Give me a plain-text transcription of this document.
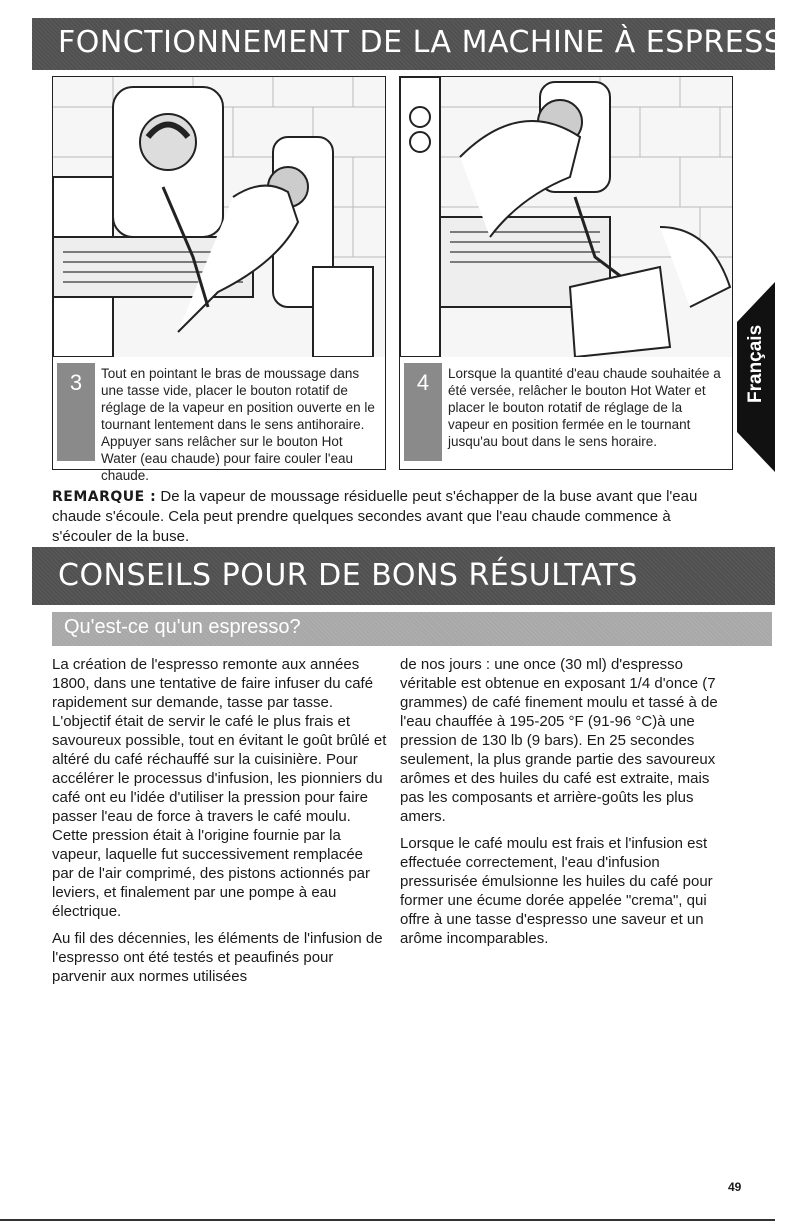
FONCTIONNEMENT DE LA MACHINE À ESPRESSO
3	Tout en pointant le bras de moussage dans une tasse vide, placer le bouton rotatif de réglage de la vapeur en position ouverte en le tournant lentement dans le sens antihoraire. Appuyer sans relâcher sur le bouton Hot Water (eau chaude) pour faire couler l'eau chaude.
4	Lorsque la quantité d'eau chaude souhaitée a été versée, relâcher le bouton Hot Water et placer le bouton rotatif de réglage de la vapeur en position fermée en le tournant jusqu'au bout dans le sens horaire.
REMARQUE : De la vapeur de moussage résiduelle peut s'échapper de la buse avant que l'eau chaude s'écoule. Cela peut prendre quelques secondes avant que l'eau chaude commence à s'écouler de la buse.
CONSEILS POUR DE BONS RÉSULTATS
Qu'est-ce qu'un espresso?

La création de l'espresso remonte aux années 1800, dans une tentative de faire infuser du café rapidement sur demande, tasse par tasse. L'objectif était de servir le café le plus frais et savoureux possible, tout en évitant le goût brûlé et altéré du café réchauffé sur la cuisinière. Pour accélérer le processus d'infusion, les pionniers du café ont eu l'idée d'utiliser la pression pour faire passer l'eau de force à travers le café moulu. Cette pression était à l'origine fournie par la vapeur, laquelle fut successivement remplacée par de l'air comprimé, des pistons actionnés par leviers, et finalement par une pompe à eau électrique.

Au fil des décennies, les éléments de l'infusion de l'espresso ont été testés et peaufinés pour parvenir aux normes utilisées

de nos jours : une once (30 ml) d'espresso véritable est obtenue en exposant 1/4 d'once (7 grammes) de café finement moulu et tassé à de l'eau chauffée à 195-205 °F (91-96 °C)à une pression de 130 lb (9 bars). En 25 secondes seulement, la plus grande partie des savoureux arômes et des huiles du café est extraite, mais pas les composants et arrière-goûts les plus amers.

Lorsque le café moulu est frais et l'infusion est effectuée correctement, l'eau d'infusion pressurisée émulsionne les huiles du café pour former une écume dorée appelée "crema", qui offre à une tasse d'espresso une saveur et un arôme incomparables.

49
